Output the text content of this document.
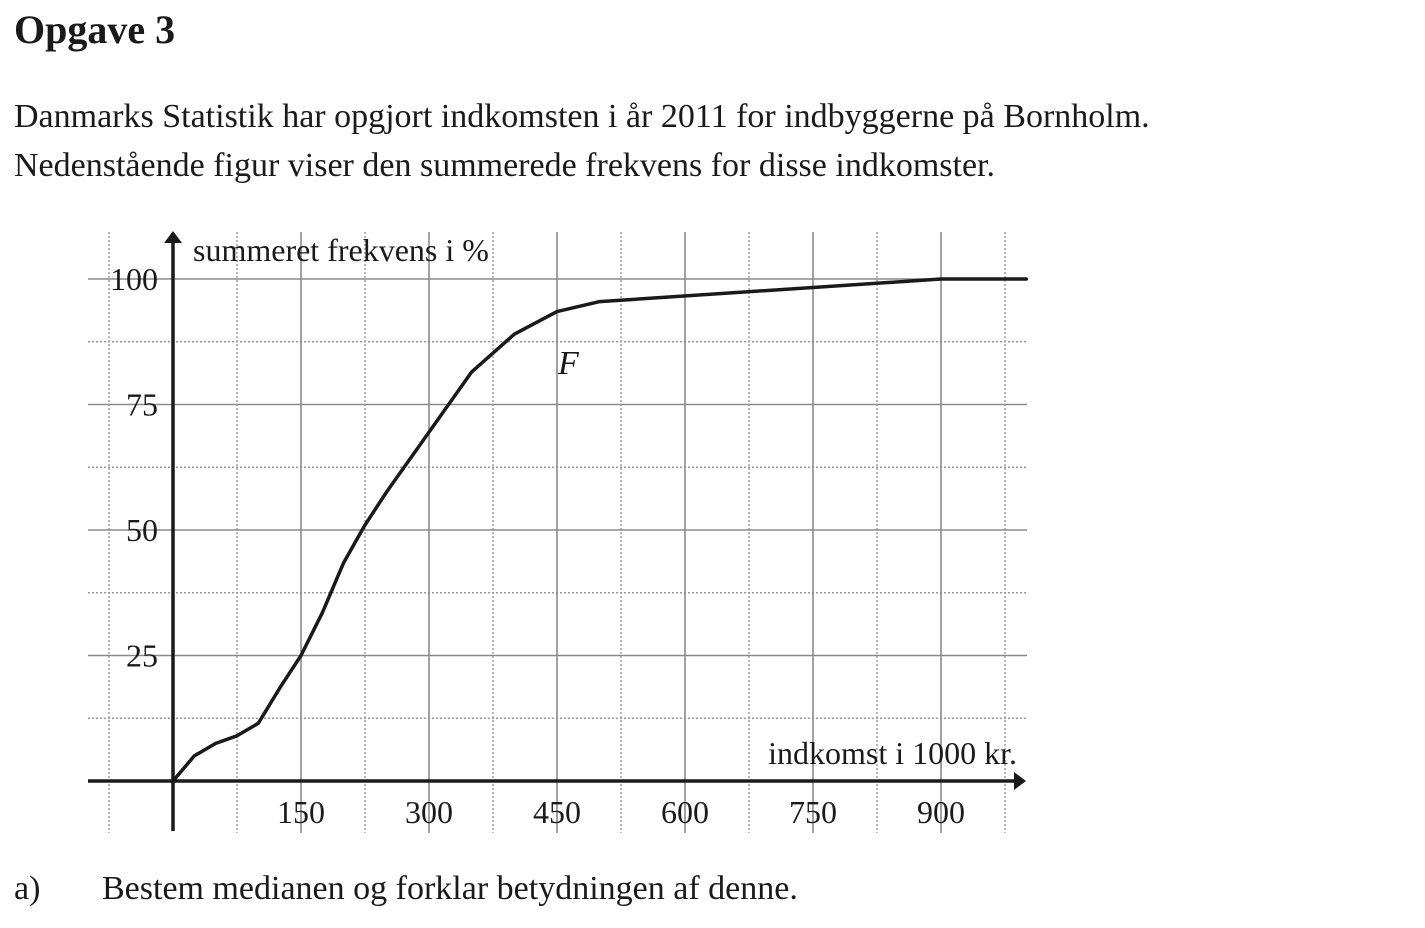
Opgave 3
Danmarks Statistik har opgjort indkomsten i år 2011 for indbyggerne på Bornholm.
Nedenstående figur viser den summerede frekvens for disse indkomster.
150	300	450	600	750	900
25
50
75
100
summeret frekvens i %
indkomst i 1000 kr.
F
a) Bestem medianen og forklar betydningen af denne.
